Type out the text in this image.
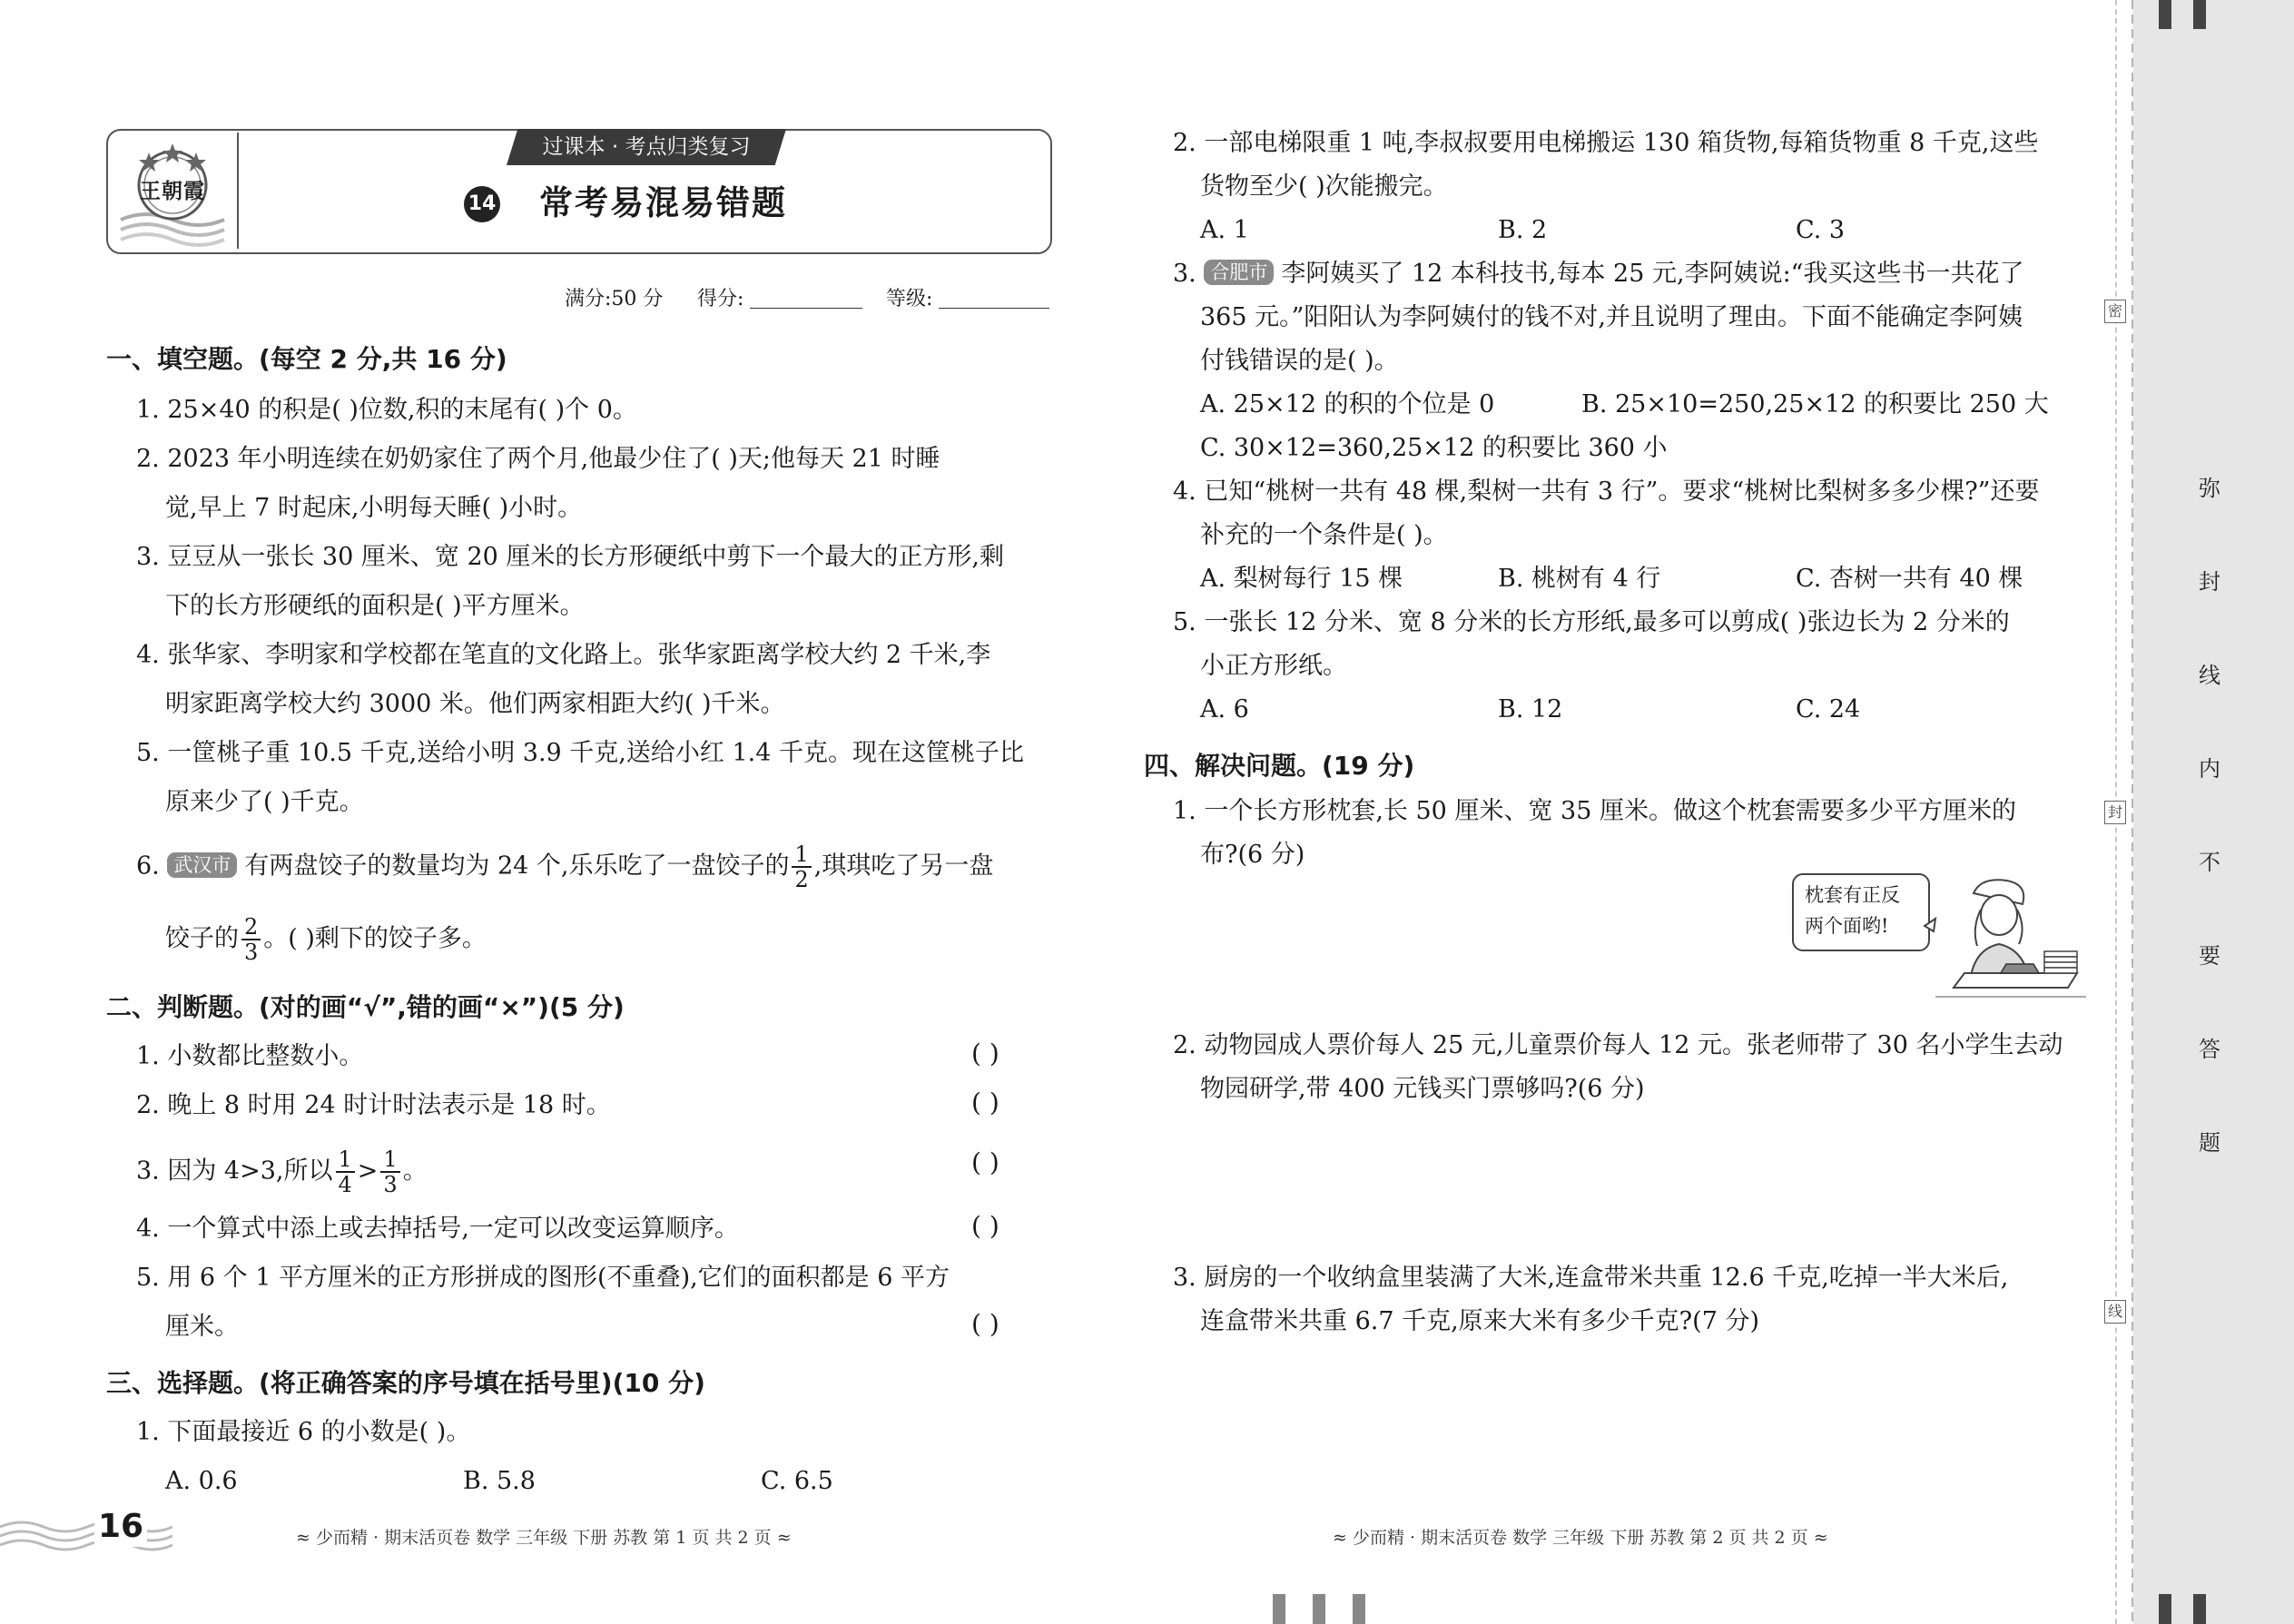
弥
封
线
内
不
要
答
题
密
封
线
王朝霞
过课本 · 考点归类复习
14 常考易混易错题
满分:50 分 得分:	等级:
一、填空题。(每空 2 分,共 16 分)
1. 25×40 的积是( )位数,积的末尾有( )个 0。
2. 2023 年小明连续在奶奶家住了两个月,他最少住了( )天;他每天 21 时睡
觉,早上 7 时起床,小明每天睡( )小时。
3. 豆豆从一张长 30 厘米、宽 20 厘米的长方形硬纸中剪下一个最大的正方形,剩
下的长方形硬纸的面积是( )平方厘米。
4. 张华家、李明家和学校都在笔直的文化路上。张华家距离学校大约 2 千米,李
明家距离学校大约 3000 米。他们两家相距大约( )千米。
5. 一筐桃子重 10.5 千克,送给小明 3.9 千克,送给小红 1.4 千克。现在这筐桃子比
原来少了( )千克。
6. 武汉市 有两盘饺子的数量均为 24 个,乐乐吃了一盘饺子的 $\frac{1}{2}$ ,琪琪吃了另一盘
饺子的 $\frac{2}{3}$ 。( )剩下的饺子多。
二、判断题。(对的画“√”,错的画“×”)(5 分)
1. 小数都比整数小。	( )
2. 晚上 8 时用 24 时计时法表示是 18 时。	( )
3. 因为 4>3,所以 $\frac{1}{4} > \frac{1}{3}$ 。	( )
4. 一个算式中添上或去掉括号,一定可以改变运算顺序。	( )
5. 用 6 个 1 平方厘米的正方形拼成的图形(不重叠),它们的面积都是 6 平方
厘米。	( )
三、选择题。(将正确答案的序号填在括号里)(10 分)
1. 下面最接近 6 的小数是( )。
A. 0.6	B. 5.8	C. 6.5
16	≈ 少而精 · 期末活页卷 数学 三年级 下册 苏教 第 1 页 共 2 页 ≈
2. 一部电梯限重 1 吨,李叔叔要用电梯搬运 130 箱货物,每箱货物重 8 千克,这些
货物至少( )次能搬完。
A. 1	B. 2	C. 3
3. 合肥市 李阿姨买了 12 本科技书,每本 25 元,李阿姨说:“我买这些书一共花了
365 元。”阳阳认为李阿姨付的钱不对,并且说明了理由。下面不能确定李阿姨
付钱错误的是( )。
A. 25×12 的积的个位是 0	B. 25×10=250,25×12 的积要比 250 大
C. 30×12=360,25×12 的积要比 360 小
4. 已知“桃树一共有 48 棵,梨树一共有 3 行”。要求“桃树比梨树多多少棵?”还要
补充的一个条件是( )。
A. 梨树每行 15 棵	B. 桃树有 4 行	C. 杏树一共有 40 棵
5. 一张长 12 分米、宽 8 分米的长方形纸,最多可以剪成( )张边长为 2 分米的
小正方形纸。
A. 6	B. 12	C. 24
四、解决问题。(19 分)
1. 一个长方形枕套,长 50 厘米、宽 35 厘米。做这个枕套需要多少平方厘米的
布?(6 分)
枕套有正反
两个面哟!
2. 动物园成人票价每人 25 元,儿童票价每人 12 元。张老师带了 30 名小学生去动
物园研学,带 400 元钱买门票够吗?(6 分)
3. 厨房的一个收纳盒里装满了大米,连盒带米共重 12.6 千克,吃掉一半大米后,
连盒带米共重 6.7 千克,原来大米有多少千克?(7 分)
≈ 少而精 · 期末活页卷 数学 三年级 下册 苏教 第 2 页 共 2 页 ≈
